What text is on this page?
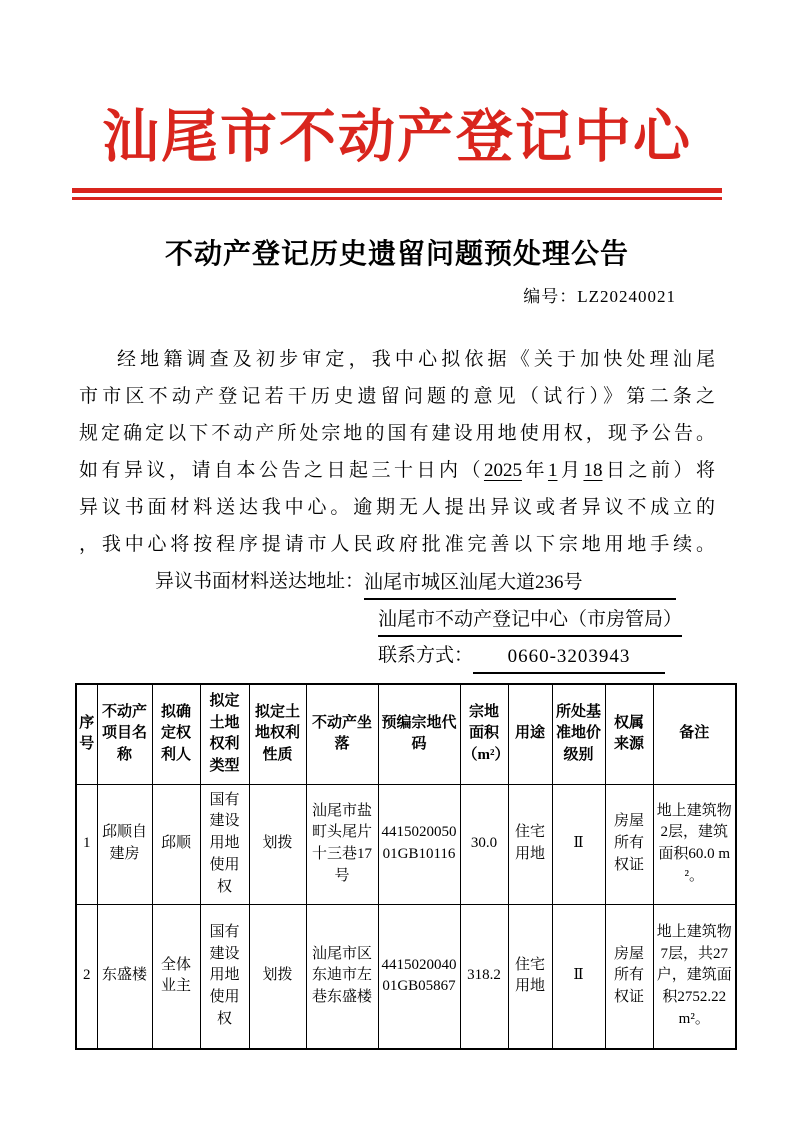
汕尾市不动产登记中心
不动产登记历史遗留问题预处理公告
编号：LZ20240021
经地籍调查及初步审定，我中心拟依据《关于加快处理汕尾
市市区不动产登记若干历史遗留问题的意见（试行）》第二条之
规定确定以下不动产所处宗地的国有建设用地使用权，现予公告。
如有异议，请自本公告之日起三十日内（2025年1月18日之前）将
异议书面材料送达我中心。逾期无人提出异议或者异议不成立的
，我中心将按程序提请市人民政府批准完善以下宗地用地手续。
异议书面材料送达地址：汕尾市城区汕尾大道236号
汕尾市不动产登记中心（市房管局）
联系方式： 0660-3203943
序号	不动产项目名称	拟确定权利人	拟定土地权利类型	拟定土地权利性质	不动产坐落	预编宗地代码	宗地面积（m²）	用途	所处基准地价级别	权属来源	备注
1	邱顺自建房	邱顺	国有建设用地使用权	划拨	汕尾市盐町头尾片十三巷17号	441502005001GB10116	30.0	住宅用地	Ⅱ	房屋所有权证	地上建筑物2层，建筑面积60.0 m²。
2	东盛楼	全体业主	国有建设用地使用权	划拨	汕尾市区东迪市左巷东盛楼	441502004001GB05867	318.2	住宅用地	Ⅱ	房屋所有权证	地上建筑物7层，共27户，建筑面积2752.22 m²。
